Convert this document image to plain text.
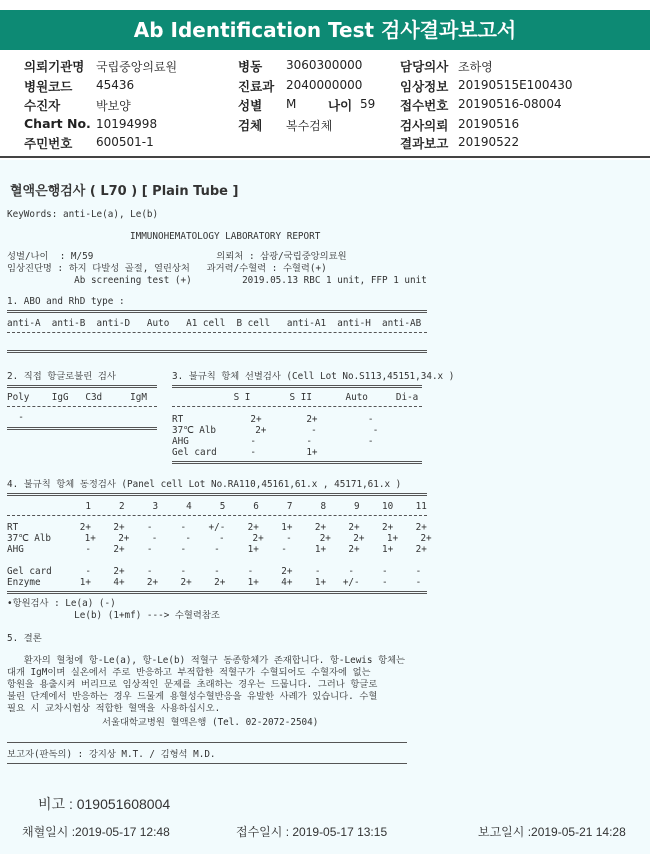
Ab Identification Test 검사결과보고서
의뢰기관명 국립중앙의료원
병원코드 45436
수진자	박보양
Chart No. 10194998
주민번호 600501-1
병동 3060300000
진료과 2040000000
성별 M	나이 59
검체 복수검체
담당의사 조하영
임상정보 20190515E100430
접수번호 20190516-08004
검사의뢰 20190516
결과보고 20190522
혈액은행검사 ( L70 ) [ Plain Tube ]
KeyWords: anti-Le(a), Le(b)
IMMUNOHEMATOLOGY LABORATORY REPORT
성별/나이  : M/59                      의뢰처 : 삼광/국립중앙의료원
임상진단명 : 하지 다발성 골절, 열린상처   과거력/수혈력 : 수혈력(+)
Ab screening test (+)         2019.05.13 RBC 1 unit, FFP 1 unit
1. ABO and RhD type :
anti-A  anti-B  anti-D   Auto   A1 cell  B cell   anti-A1  anti-H  anti-AB
2. 직접 항글로불린 검사
Poly    IgG   C3d     IgM
-
3. 불규칙 항체 선별검사 (Cell Lot No.S113,45151,34.x )
S I       S II      Auto     Di-a
RT            2+        2+         -
37℃ Alb       2+        -          -
AHG           -         -          -
Gel card      -         1+
4. 불규칙 항체 동정검사 (Panel cell Lot No.RA110,45161,61.x , 45171,61.x )
1     2     3     4     5     6     7     8     9    10    11
RT           2+    2+    -     -    +/-    2+    1+    2+    2+    2+    2+
37℃ Alb      1+    2+    -     -     -     2+    -     2+    2+    1+    2+
AHG           -    2+    -     -     -     1+    -     1+    2+    1+    2+
Gel card      -    2+    -     -     -     -     2+    -     -     -     -
Enzyme       1+    4+    2+    2+    2+    1+    4+    1+   +/-    -     -
•항원검사 : Le(a) (-)
Le(b) (1+mf) ---> 수혈력참조
5. 결론
환자의 혈청에 항-Le(a), 항-Le(b) 적혈구 동종항체가 존재합니다. 항-Lewis 항체는
대개 IgM이며 실온에서 주로 반응하고 부적합한 적혈구가 수혈되어도 수혈자에 없는
항원을 용출시켜 버리므로 임상적인 문제를 초래하는 경우는 드뭅니다. 그러나 항글로
불린 단계에서 반응하는 경우 드물게 용혈성수혈반응을 유발한 사례가 있습니다. 수혈
필요 시 교차시험상 적합한 혈액을 사용하십시오.
서울대학교병원 혈액은행 (Tel. 02-2072-2504)
보고자(판독의) : 강지상 M.T. / 김형석 M.D.
비고 : 019051608004
채혈일시 :2019-05-17 12:48	접수일시 : 2019-05-17 13:15	보고일시 :2019-05-21 14:28
